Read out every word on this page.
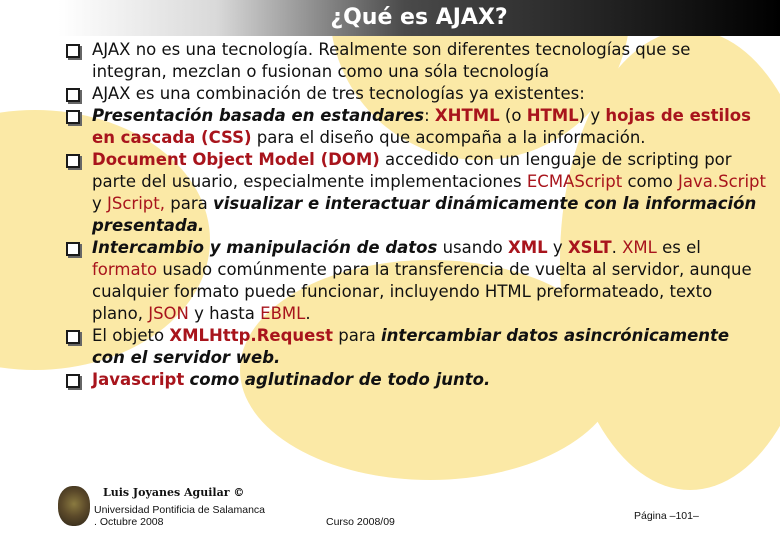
¿Qué es AJAX?
AJAX no es una tecnología. Realmente son diferentes tecnologías que se integran, mezclan o fusionan como una sóla tecnología
AJAX es una combinación de tres tecnologías ya existentes:
Presentación basada en estandares: XHTML (o HTML) y hojas de estilos en cascada (CSS) para el diseño que acompaña a la información.
Document Object Model (DOM) accedido con un lenguaje de scripting por parte del usuario, especialmente implementaciones ECMAScript como Java.Script y JScript, para visualizar e interactuar dinámicamente con la información presentada.
Intercambio y manipulación de datos usando XML y XSLT. XML es el formato usado comúnmente para la transferencia de vuelta al servidor, aunque cualquier formato puede funcionar, incluyendo HTML preformateado, texto plano, JSON y hasta EBML.
El objeto XMLHttp.Request para intercambiar datos asincrónicamente con el servidor web.
Javascript como aglutinador de todo junto.
Luis Joyanes Aguilar ©
Universidad Pontificia de Salamanca
. Octubre 2008	Curso 2008/09	Página –101–
